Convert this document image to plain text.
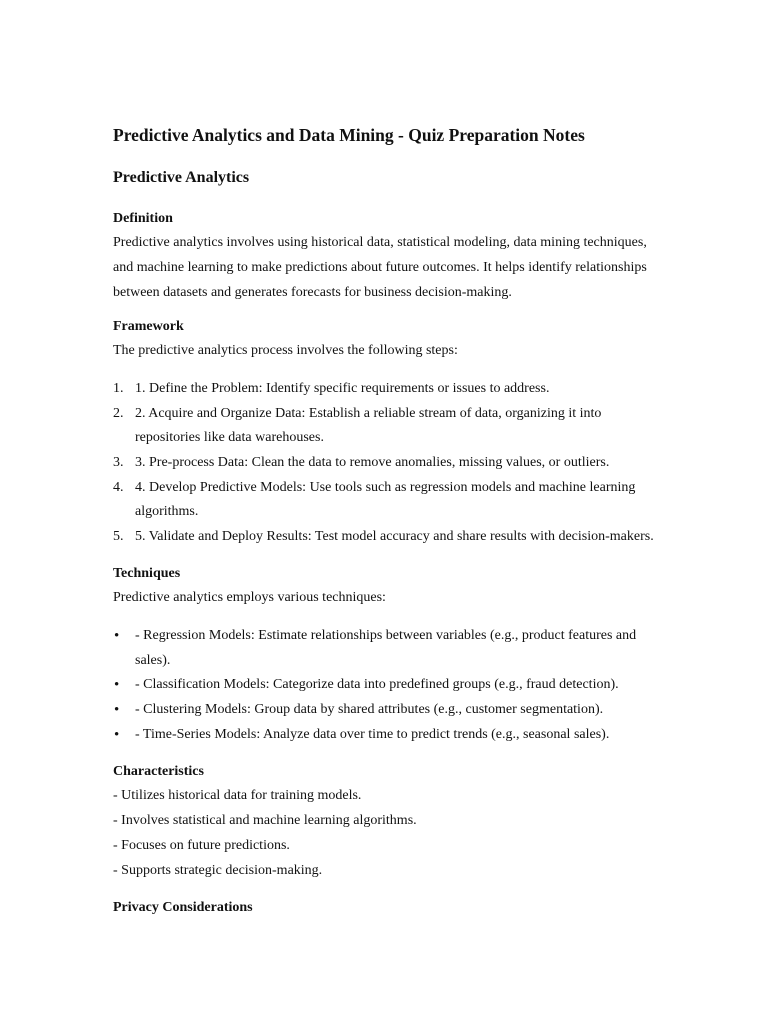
Predictive Analytics and Data Mining - Quiz Preparation Notes
Predictive Analytics
Definition

Predictive analytics involves using historical data, statistical modeling, data mining techniques, and machine learning to make predictions about future outcomes. It helps identify relationships between datasets and generates forecasts for business decision-making.

Framework

The predictive analytics process involves the following steps:

1. 1. Define the Problem: Identify specific requirements or issues to address.
2. 2. Acquire and Organize Data: Establish a reliable stream of data, organizing it into repositories like data warehouses.
3. 3. Pre-process Data: Clean the data to remove anomalies, missing values, or outliers.
4. 4. Develop Predictive Models: Use tools such as regression models and machine learning algorithms.
5. 5. Validate and Deploy Results: Test model accuracy and share results with decision-makers.
Techniques

Predictive analytics employs various techniques:

• - Regression Models: Estimate relationships between variables (e.g., product features and sales).
• - Classification Models: Categorize data into predefined groups (e.g., fraud detection).
• - Clustering Models: Group data by shared attributes (e.g., customer segmentation).
• - Time-Series Models: Analyze data over time to predict trends (e.g., seasonal sales).
Characteristics

- Utilizes historical data for training models.

- Involves statistical and machine learning algorithms.

- Focuses on future predictions.

- Supports strategic decision-making.

Privacy Considerations
